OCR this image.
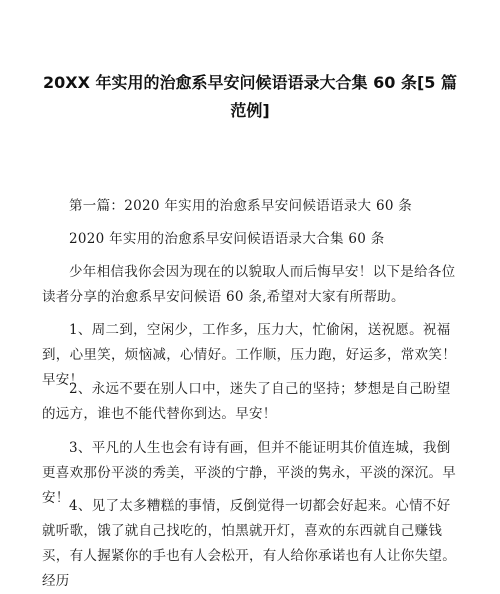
20XX 年实用的治愈系早安问候语语录大合集 60 条[5 篇范例]

第一篇：2020 年实用的治愈系早安问候语语录大 60 条

2020 年实用的治愈系早安问候语语录大合集 60 条

少年相信我你会因为现在的以貌取人而后悔早安！以下是给各位读者分享的治愈系早安问候语 60 条,希望对大家有所帮助。

1、周二到，空闲少，工作多，压力大，忙偷闲，送祝愿。祝福到，心里笑，烦恼减，心情好。工作顺，压力跑，好运多，常欢笑！早安！

2、永远不要在别人口中，迷失了自己的坚持；梦想是自己盼望的远方，谁也不能代替你到达。早安！

3、平凡的人生也会有诗有画，但并不能证明其价值连城，我倒更喜欢那份平淡的秀美，平淡的宁静，平淡的隽永，平淡的深沉。早安！ 4、见了太多糟糕的事情，反倒觉得一切都会好起来。心情不好就听歌，饿了就自己找吃的，怕黑就开灯，喜欢的东西就自己赚钱买，有人握紧你的手也有人会松开，有人给你承诺也有人让你失望。经历
